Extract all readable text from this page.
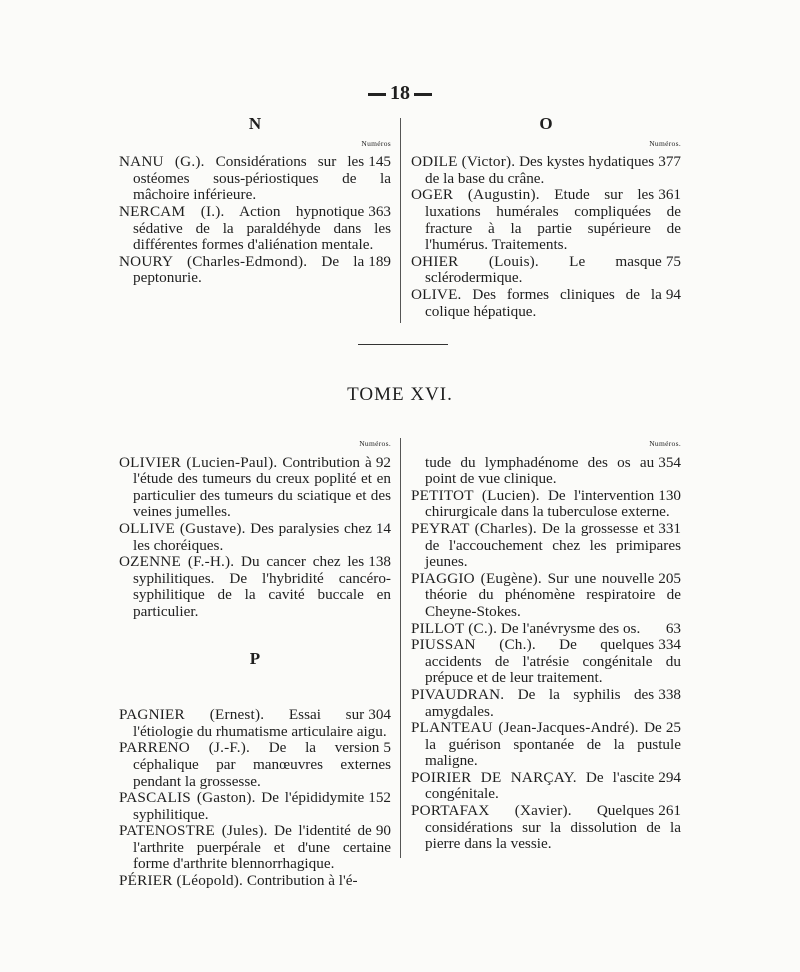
18
N
Numéros

145
NANU (G.). Considérations sur les ostéomes sous-périostiques de la mâchoire inférieure.

363
NERCAM (I.). Action hypnotique sédative de la paraldéhyde dans les différentes formes d'aliénation mentale.

189
NOURY (Charles-Edmond). De la peptonurie.

O
Numéros.

377
ODILE (Victor). Des kystes hydatiques de la base du crâne.

361
OGER (Augustin). Etude sur les luxations humérales compliquées de fracture à la partie supérieure de l'humérus. Traitements.

75
OHIER (Louis). Le masque sclérodermique.

94
OLIVE. Des formes cliniques de la colique hépatique.

TOME XVI.
Numéros.

92
OLIVIER (Lucien-Paul). Contribution à l'étude des tumeurs du creux poplité et en particulier des tumeurs du sciatique et des veines jumelles.

14
OLLIVE (Gustave). Des paralysies chez les choréiques.

138
OZENNE (F.-H.). Du cancer chez les syphilitiques. De l'hybridité cancéro-syphilitique de la cavité buccale en particulier.

P

304
PAGNIER (Ernest). Essai sur l'étiologie du rhumatisme articulaire aigu.

5
PARRENO (J.-F.). De la version céphalique par manœuvres externes pendant la grossesse.

152
PASCALIS (Gaston). De l'épididymite syphilitique.

90
PATENOSTRE (Jules). De l'identité de l'arthrite puerpérale et d'une certaine forme d'arthrite blennorrhagique.

PÉRIER (Léopold). Contribution à l'é-

Numéros.

354
tude du lymphadénome des os au point de vue clinique.

130
PETITOT (Lucien). De l'intervention chirurgicale dans la tuberculose externe.

331
PEYRAT (Charles). De la grossesse et de l'accouchement chez les primipares jeunes.

205
PIAGGIO (Eugène). Sur une nouvelle théorie du phénomène respiratoire de Cheyne-Stokes.

63
PILLOT (C.). De l'anévrysme des os.

334
PIUSSAN (Ch.). De quelques accidents de l'atrésie congénitale du prépuce et de leur traitement.

338
PIVAUDRAN. De la syphilis des amygdales.

25
PLANTEAU (Jean-Jacques-André). De la guérison spontanée de la pustule maligne.

294
POIRIER DE NARÇAY. De l'ascite congénitale.

261
PORTAFAX (Xavier). Quelques considérations sur la dissolution de la pierre dans la vessie.
